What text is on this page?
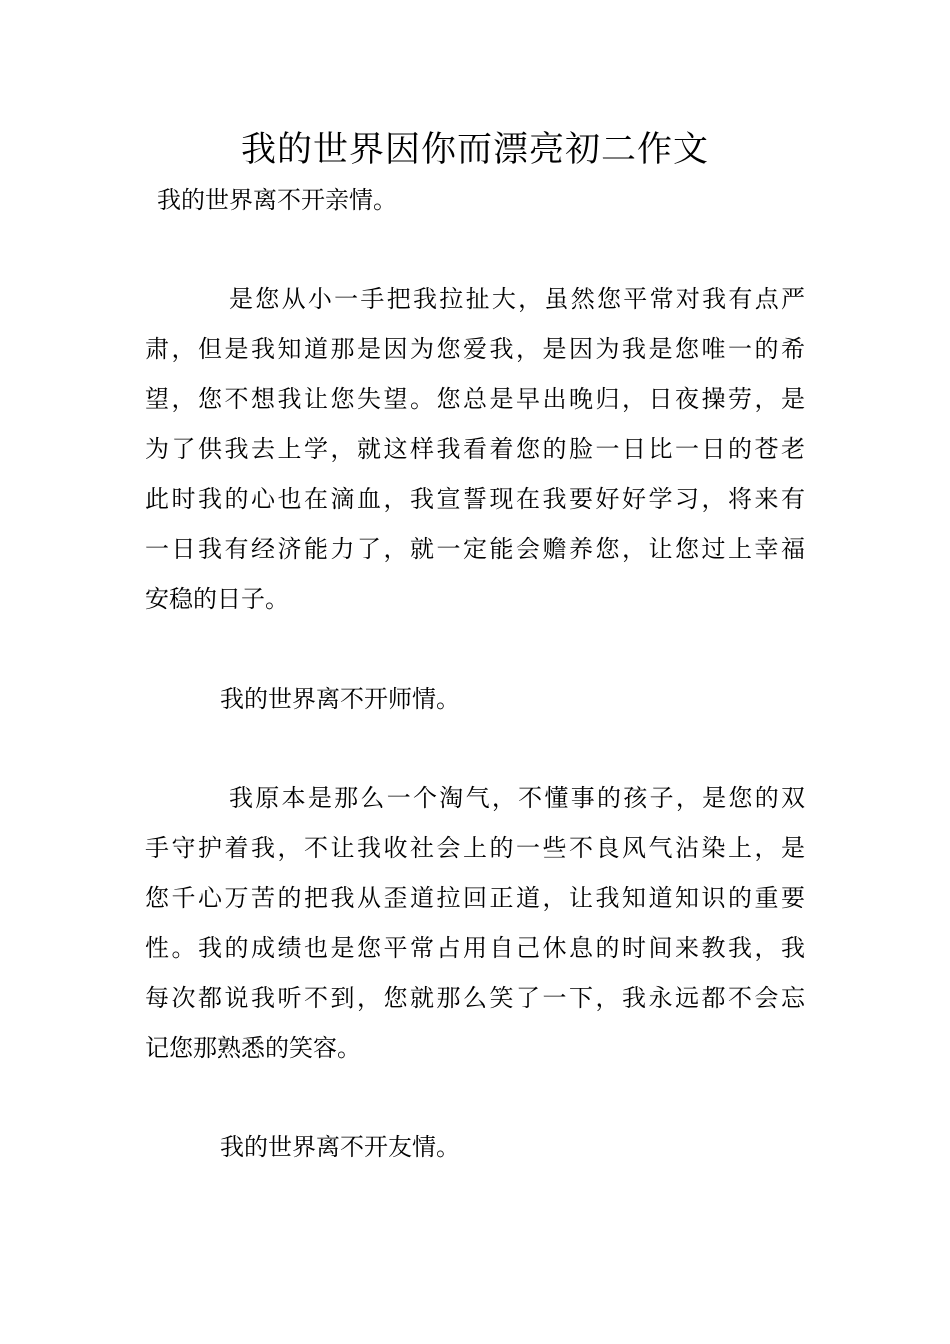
我的世界因你而漂亮初二作文

我的世界离不开亲情。

是您从小一手把我拉扯大，虽然您平常对我有点严

肃，但是我知道那是因为您爱我，是因为我是您唯一的希

望，您不想我让您失望。您总是早出晚归，日夜操劳，是

为了供我去上学，就这样我看着您的脸一日比一日的苍老

此时我的心也在滴血，我宣誓现在我要好好学习，将来有

一日我有经济能力了，就一定能会赡养您，让您过上幸福

安稳的日子。

我的世界离不开师情。

我原本是那么一个淘气，不懂事的孩子，是您的双

手守护着我，不让我收社会上的一些不良风气沾染上，是

您千心万苦的把我从歪道拉回正道，让我知道知识的重要

性。我的成绩也是您平常占用自己休息的时间来教我，我

每次都说我听不到，您就那么笑了一下，我永远都不会忘

记您那熟悉的笑容。

我的世界离不开友情。
